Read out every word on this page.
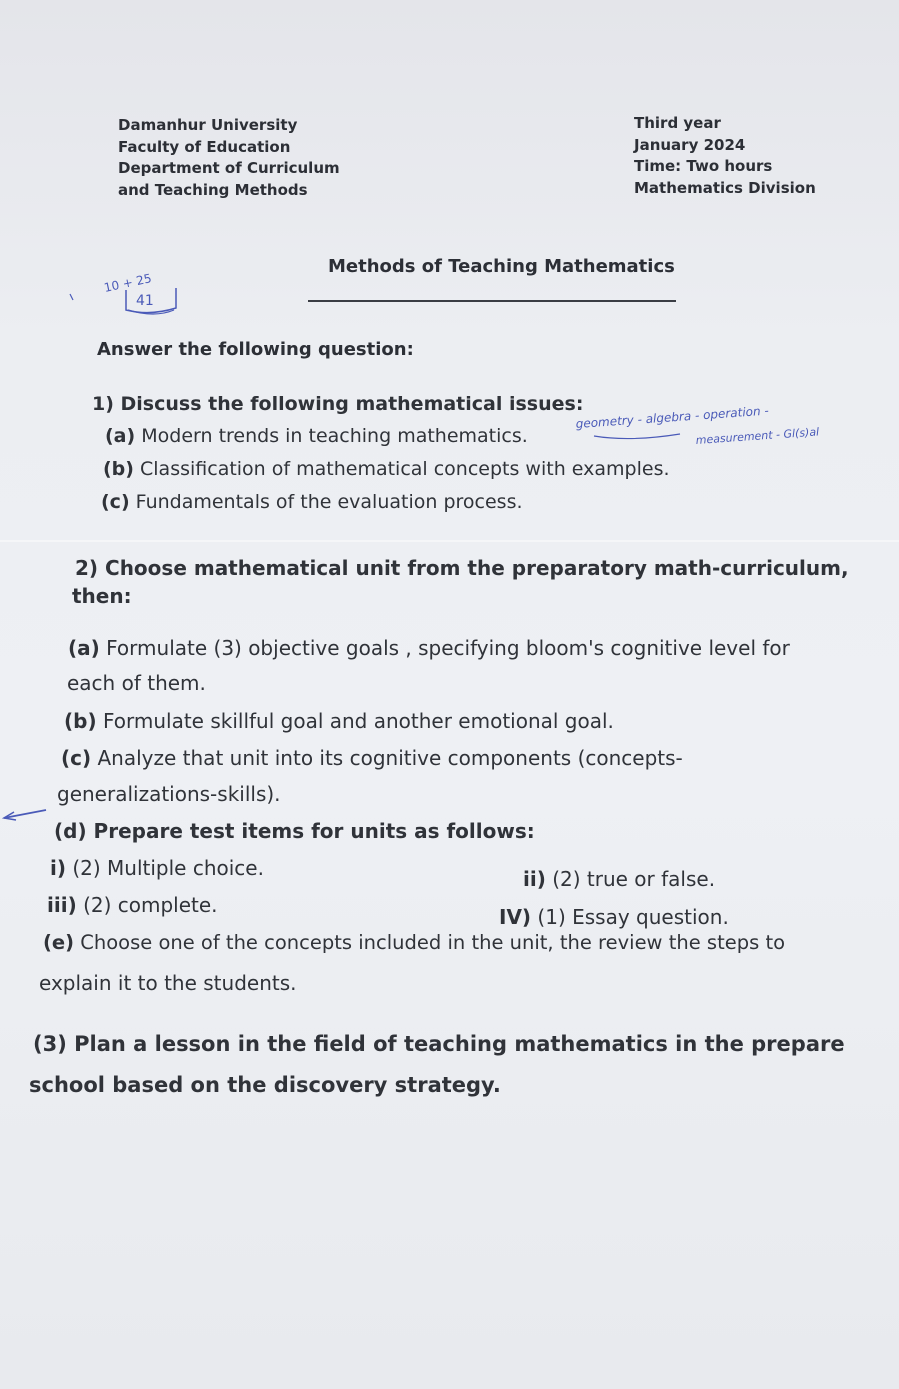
Damanhur University
Faculty of Education
Department of Curriculum
and Teaching Methods
Third year
January 2024
Time: Two hours
Mathematics Division
10 + 25
41
Methods of Teaching Mathematics
Answer the following question:
1) Discuss the following mathematical issues:
(a) Modern trends in teaching mathematics.
(b) Classification of mathematical concepts with examples.
(c) Fundamentals of the evaluation process.
geometry - algebra - operation -
measurement - Gl(s)al
2) Choose mathematical unit from the preparatory math-curriculum,
then:
(a) Formulate (3) objective goals , specifying bloom's cognitive level for
each of them.
(b) Formulate skillful goal and another emotional goal.
(c) Analyze that unit into its cognitive components (concepts-
generalizations-skills).
(d) Prepare test items for units as follows:
i) (2) Multiple choice.	ii) (2) true or false.
iii) (2) complete.	IV) (1) Essay question.
(e) Choose one of the concepts included in the unit, the review the steps to
explain it to the students.
(3) Plan a lesson in the field of teaching mathematics in the prepare
school based on the discovery strategy.
